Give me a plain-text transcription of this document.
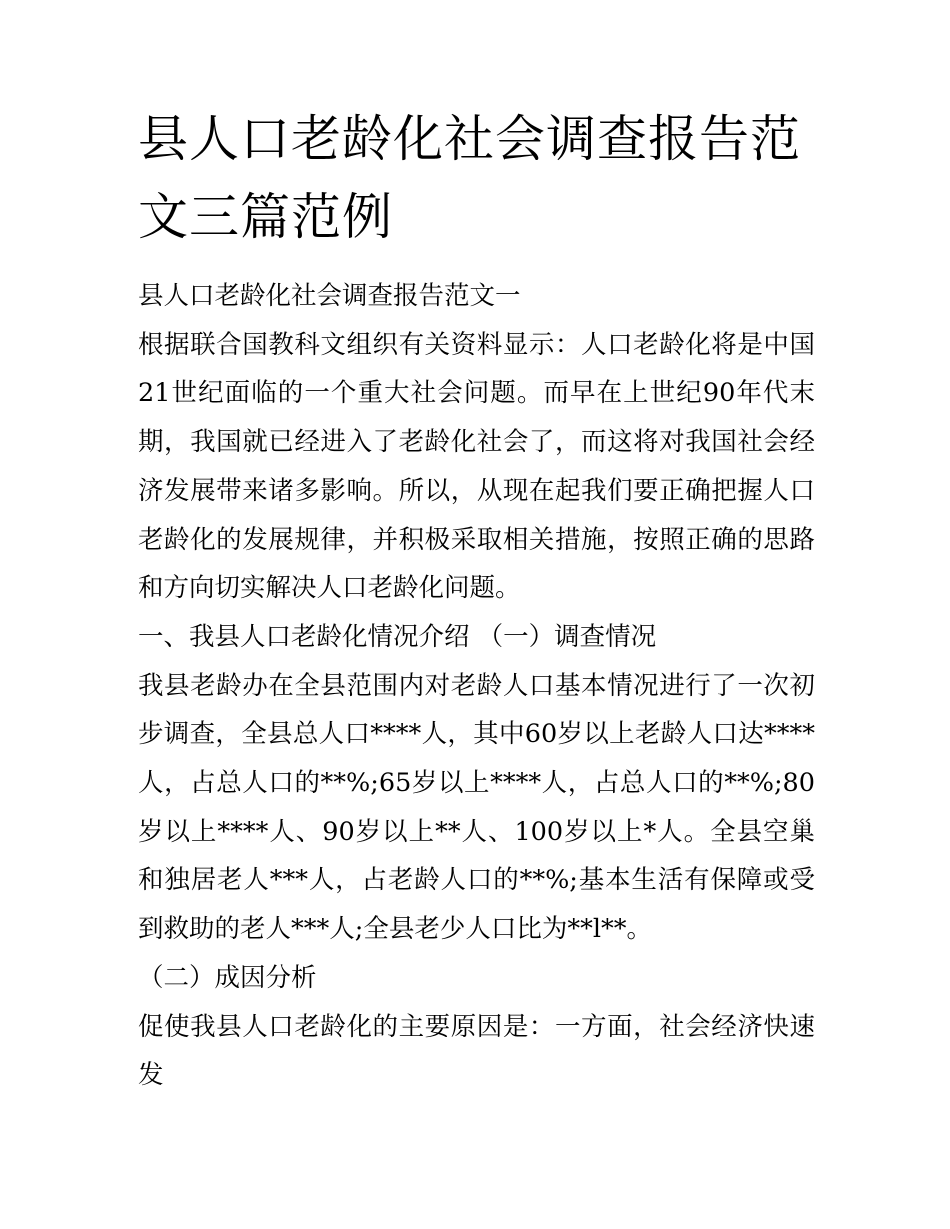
县人口老龄化社会调查报告范文三篇范例

县人口老龄化社会调查报告范文一

根据联合国教科文组织有关资料显示：人口老龄化将是中国21世纪面临的一个重大社会问题。而早在上世纪90年代末期，我国就已经进入了老龄化社会了，而这将对我国社会经济发展带来诸多影响。所以，从现在起我们要正确把握人口老龄化的发展规律，并积极采取相关措施，按照正确的思路和方向切实解决人口老龄化问题。

一、我县人口老龄化情况介绍 （一）调查情况

我县老龄办在全县范围内对老龄人口基本情况进行了一次初步调查，全县总人口****人，其中60岁以上老龄人口达****人，占总人口的**%;65岁以上****人，占总人口的**%;80岁以上****人、90岁以上**人、100岁以上*人。全县空巢和独居老人***人，占老龄人口的**%;基本生活有保障或受到救助的老人***人;全县老少人口比为**l**。

（二）成因分析

促使我县人口老龄化的主要原因是：一方面，社会经济快速发
